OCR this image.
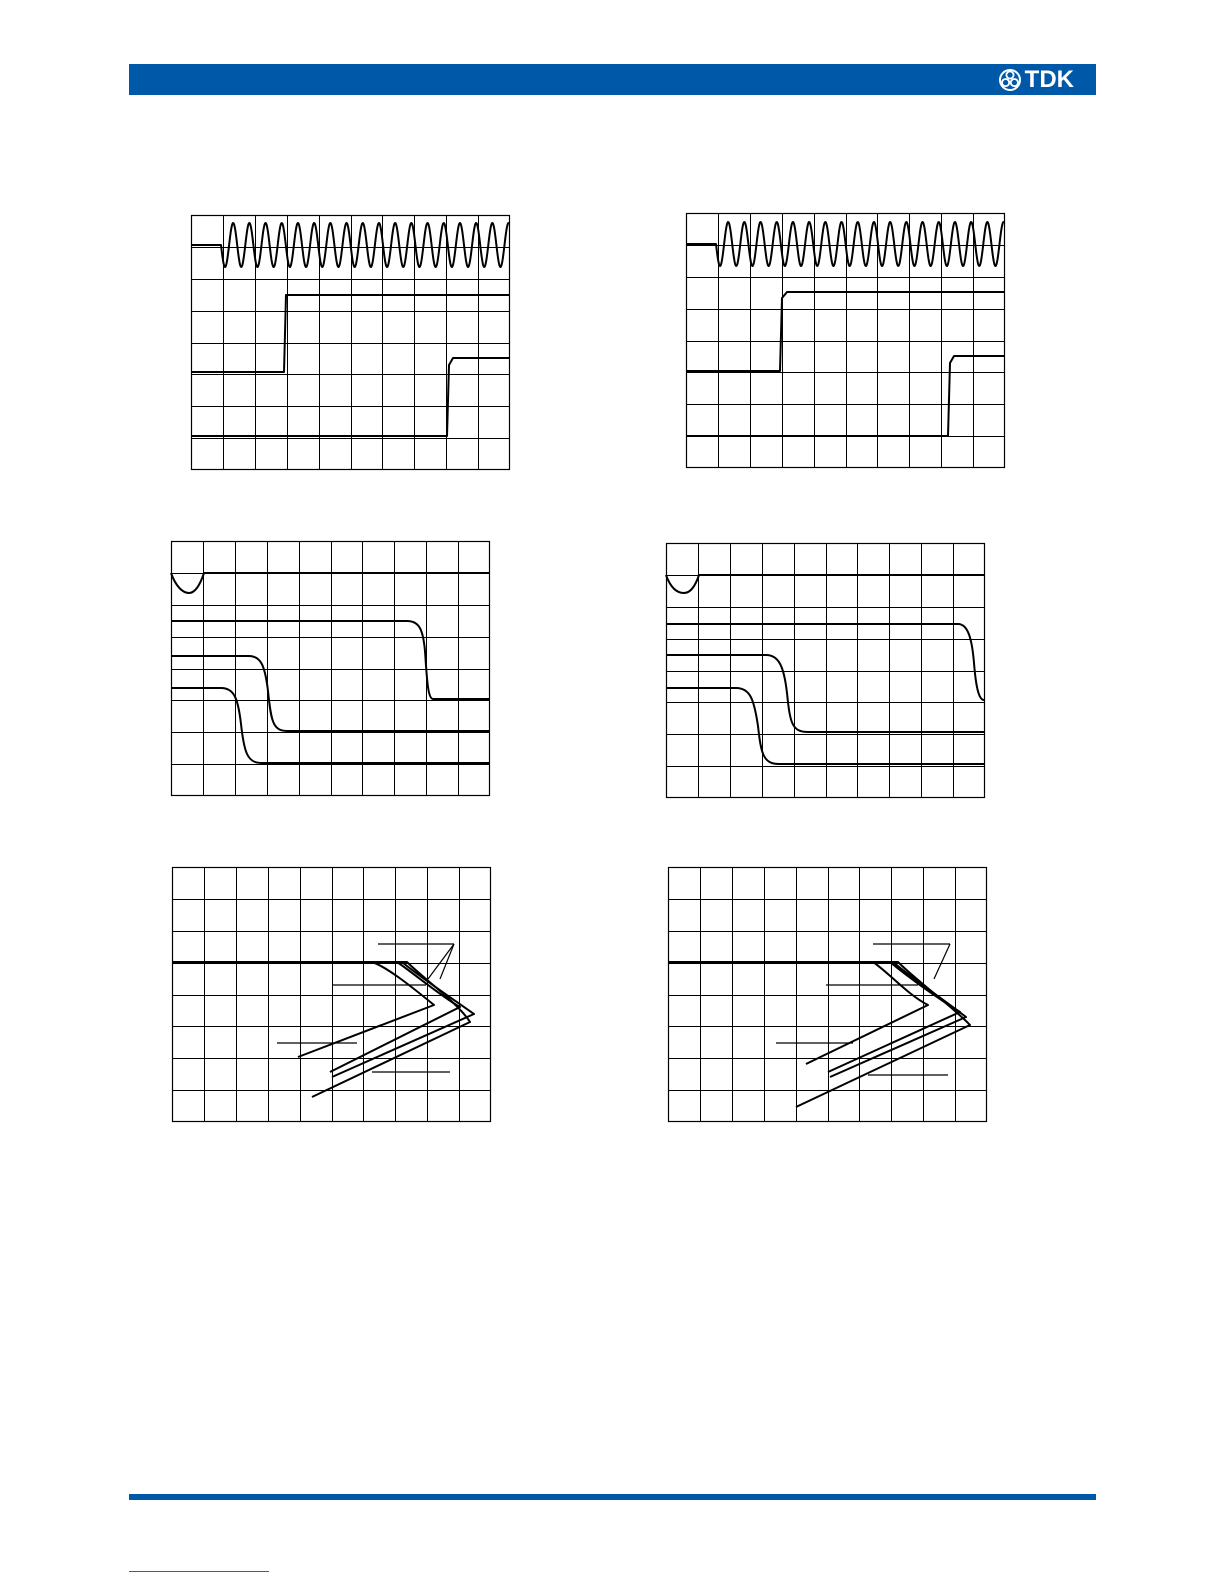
TDK
